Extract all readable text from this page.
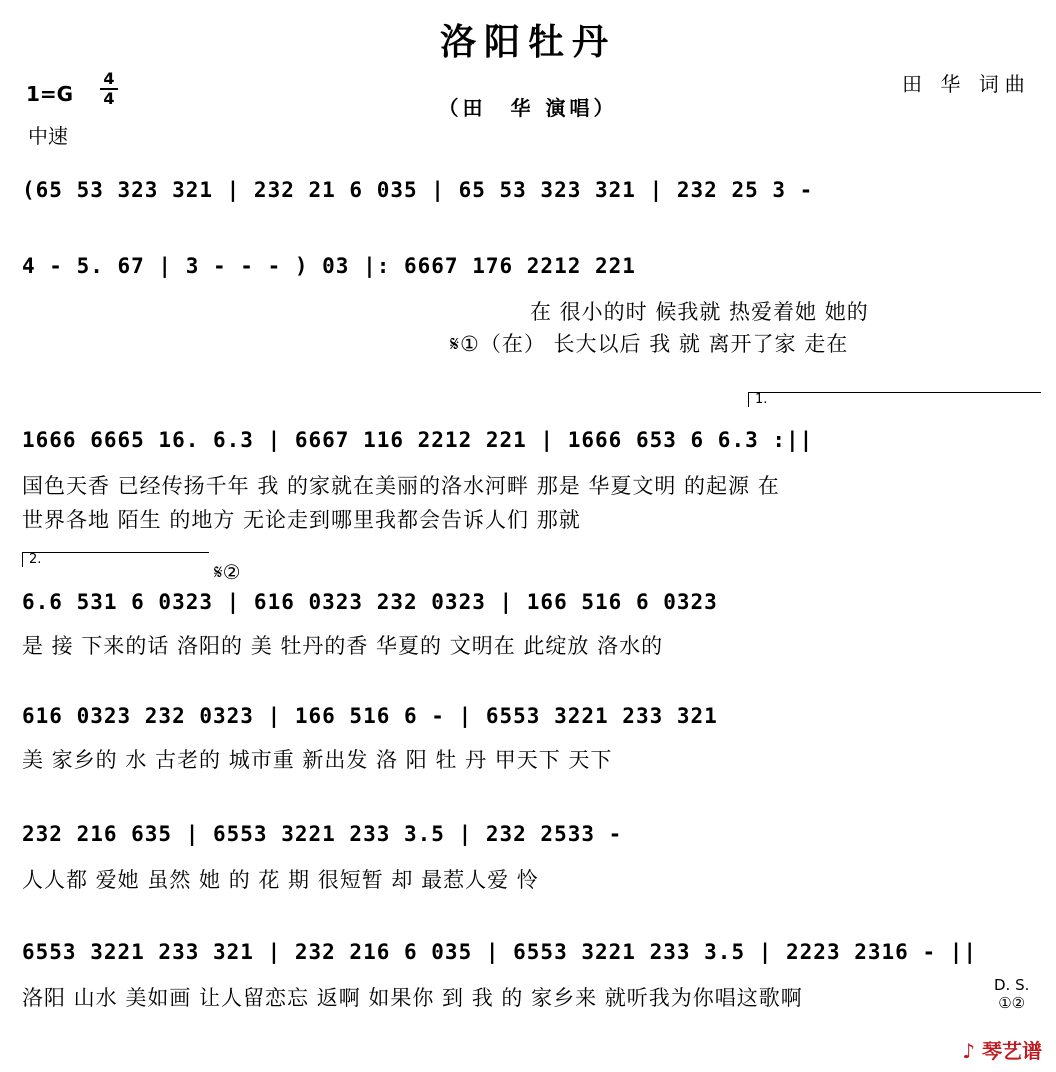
洛阳牡丹
1=G
4
4
中速
（田　华 演唱）
田 华 词曲
(65 53 323 321 | 232 21 6 035 | 65 53 323 321 | 232 25 3 -
4 - 5. 67 | 3 - - - ) 03 |: 6667 176 2212 221
在 很小的时 候我就 热爱着她 她的
𝄋①（在） 长大以后 我 就 离开了家 走在
1.
1666 6665 16. 6.3 | 6667 116 2212 221 | 1666 653 6 6.3 :||
国色天香 已经传扬千年 我 的家就在美丽的洛水河畔 那是 华夏文明 的起源 在
世界各地 陌生 的地方 无论走到哪里我都会告诉人们 那就
2.
𝄋②
6.6 531 6 0323 | 616 0323 232 0323 | 166 516 6 0323
是 接 下来的话 洛阳的 美 牡丹的香 华夏的 文明在 此绽放 洛水的
616 0323 232 0323 | 166 516 6 - | 6553 3221 233 321
美 家乡的 水 古老的 城市重 新出发 洛 阳 牡 丹 甲天下 天下
232 216 635 | 6553 3221 233 3.5 | 232 2533 -
人人都 爱她 虽然 她 的 花 期 很短暂 却 最惹人爱 怜
6553 3221 233 321 | 232 216 6 035 | 6553 3221 233 3.5 | 2223 2316 - ||
洛阳 山水 美如画 让人留恋忘 返啊 如果你 到 我 的 家乡来 就听我为你唱这歌啊
D. S.
①②
♪ 琴艺谱
